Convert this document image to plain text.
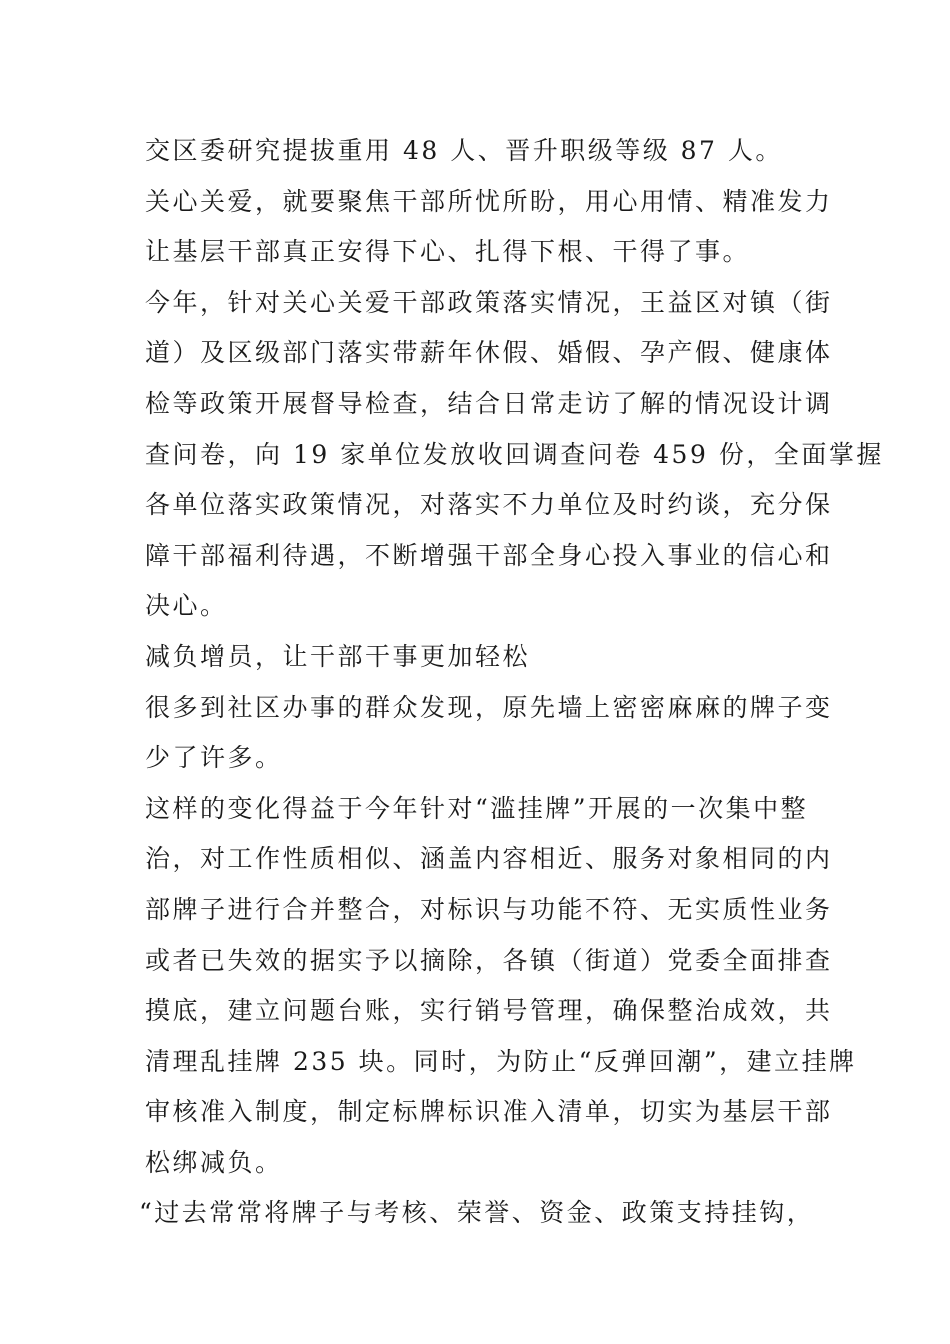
交区委研究提拔重用 48 人、晋升职级等级 87 人。
关心关爱，就要聚焦干部所忧所盼，用心用情、精准发力
让基层干部真正安得下心、扎得下根、干得了事。
今年，针对关心关爱干部政策落实情况，王益区对镇（街
道）及区级部门落实带薪年休假、婚假、孕产假、健康体
检等政策开展督导检查，结合日常走访了解的情况设计调
查问卷，向 19 家单位发放收回调查问卷 459 份，全面掌握
各单位落实政策情况，对落实不力单位及时约谈，充分保
障干部福利待遇，不断增强干部全身心投入事业的信心和
决心。
减负增员，让干部干事更加轻松
很多到社区办事的群众发现，原先墙上密密麻麻的牌子变
少了许多。
这样的变化得益于今年针对“滥挂牌”开展的一次集中整
治，对工作性质相似、涵盖内容相近、服务对象相同的内
部牌子进行合并整合，对标识与功能不符、无实质性业务
或者已失效的据实予以摘除，各镇（街道）党委全面排查
摸底，建立问题台账，实行销号管理，确保整治成效，共
清理乱挂牌 235 块。同时，为防止“反弹回潮”，建立挂牌
审核准入制度，制定标牌标识准入清单，切实为基层干部
松绑减负。
“过去常常将牌子与考核、荣誉、资金、政策支持挂钩，
